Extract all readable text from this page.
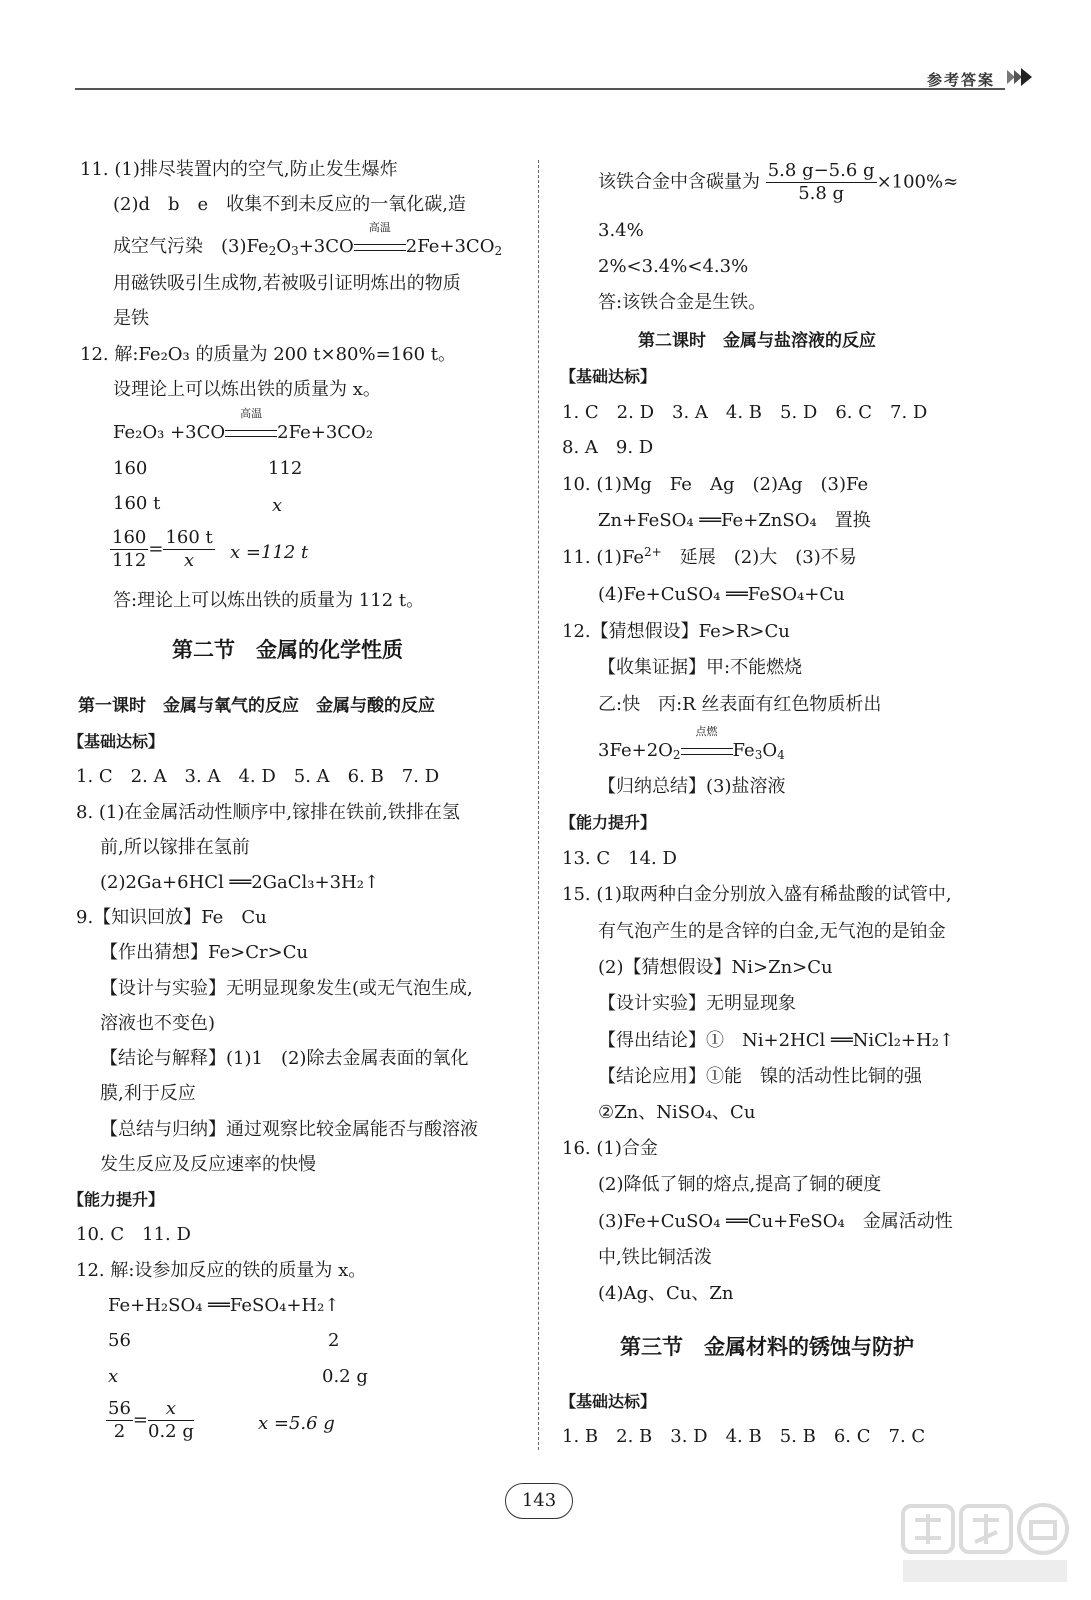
参考答案
11. (1)排尽装置内的空气,防止发生爆炸
(2)d　b　e　收集不到未反应的一氧化碳,造
成空气污染　$(3)Fe_2O_3+3CO$
高温
$2Fe+3CO_2$
用磁铁吸引生成物,若被吸引证明炼出的物质
是铁
12. 解:Fe₂O₃ 的质量为 200 t×80%=160 t。
设理论上可以炼出铁的质量为 x。
Fe₂O₃ +3CO
高温
2Fe+3CO₂
160	112
160 t	x
$\frac{160}{112} = \frac{160 t}{x}$ x =112 t
答:理论上可以炼出铁的质量为 112 t。
第二节　金属的化学性质
第一课时　金属与氧气的反应　金属与酸的反应
【基础达标】
1. C　2. A　3. A　4. D　5. A　6. B　7. D
8. (1)在金属活动性顺序中,镓排在铁前,铁排在氢
前,所以镓排在氢前
(2)2Ga+6HCl ══2GaCl₃+3H₂↑
9.【知识回放】Fe　Cu
【作出猜想】Fe>Cr>Cu
【设计与实验】无明显现象发生(或无气泡生成,
溶液也不变色)
【结论与解释】(1)1　(2)除去金属表面的氧化
膜,利于反应
【总结与归纳】通过观察比较金属能否与酸溶液
发生反应及反应速率的快慢
【能力提升】
10. C　11. D
12. 解:设参加反应的铁的质量为 x。
Fe+H₂SO₄ ══FeSO₄+H₂↑
56	2
x	0.2 g
$\frac{56}{2} = \frac{x}{0.2 g}$	x =5.6 g
该铁合金中含碳量为 $\frac{5.8 g-5.6 g}{5.8 g} \times 100\%\approx$
3.4%
2%<3.4%<4.3%
答:该铁合金是生铁。
第二课时　金属与盐溶液的反应
【基础达标】
1. C　2. D　3. A　4. B　5. D　6. C　7. D
8. A　9. D
10. (1)Mg　Fe　Ag　(2)Ag　(3)Fe
Zn+FeSO₄ ══Fe+ZnSO₄　置换
11. $(1)Fe^{2+}$　延展　(2)大　(3)不易
(4)Fe+CuSO₄ ══FeSO₄+Cu
12.【猜想假设】Fe>R>Cu
【收集证据】甲:不能燃烧
乙:快　丙:R 丝表面有红色物质析出
$3Fe+2O_2$
点燃
$Fe_3O_4$
【归纳总结】(3)盐溶液
【能力提升】
13. C　14. D
15. (1)取两种白金分别放入盛有稀盐酸的试管中,
有气泡产生的是含锌的白金,无气泡的是铂金
(2)【猜想假设】Ni>Zn>Cu
【设计实验】无明显现象
【得出结论】①　Ni+2HCl ══NiCl₂+H₂↑
【结论应用】①能　镍的活动性比铜的强
②Zn、NiSO₄、Cu
16. (1)合金
(2)降低了铜的熔点,提高了铜的硬度
(3)Fe+CuSO₄ ══Cu+FeSO₄　金属活动性
中,铁比铜活泼
(4)Ag、Cu、Zn
第三节　金属材料的锈蚀与防护
【基础达标】
1. B　2. B　3. D　4. B　5. B　6. C　7. C
143
